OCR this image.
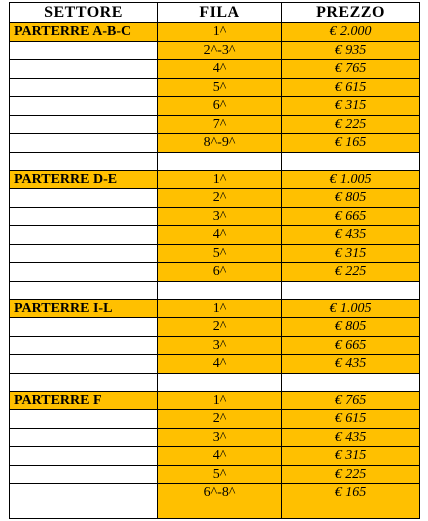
SETTORE	FILA	PREZZO
PARTERRE A-B-C	1^	€ 2.000
	2^-3^	€ 935
	4^	€ 765
	5^	€ 615
	6^	€ 315
	7^	€ 225
	8^-9^	€ 165

PARTERRE D-E	1^	€ 1.005
	2^	€ 805
	3^	€ 665
	4^	€ 435
	5^	€ 315
	6^	€ 225

PARTERRE I-L	1^	€ 1.005
	2^	€ 805
	3^	€ 665
	4^	€ 435

PARTERRE F	1^	€ 765
	2^	€ 615
	3^	€ 435
	4^	€ 315
	5^	€ 225
	6^-8^	€ 165
